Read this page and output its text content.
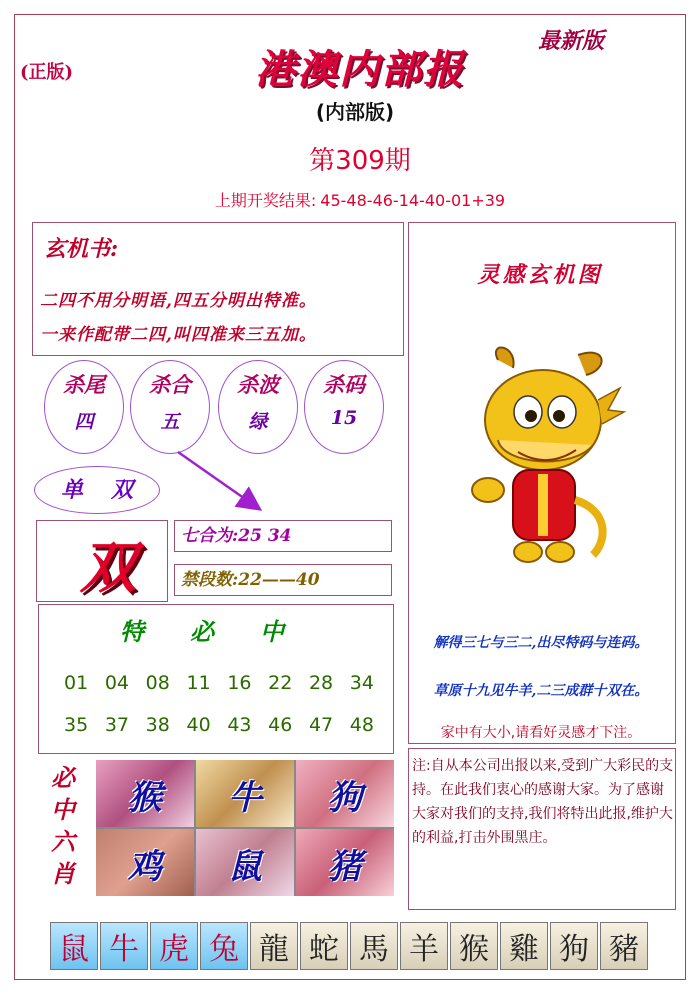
(正版)
最新版
港澳内部报
(内部版)
第309期
上期开奖结果: 45-48-46-14-40-01+39
玄机书:
二四不用分明语,四五分明出特准。
一来作配带二四,叫四准来三五加。
杀尾
四
杀合
五
杀波
绿
杀码
15
单双
双	七合为:25 34
禁段数:22——40
特必中
01 04 08 11 16 22 28 34
35 37 38 40 43 46 47 48
灵感玄机图
解得三七与三二,出尽特码与连码。
草原十九见牛羊,二三成群十双在。
家中有大小,请看好灵感才下注。
注:自从本公司出报以来,受到广大彩民的支持。在此我们衷心的感谢大家。为了感谢大家对我们的支持,我们将特出此报,维护大的利益,打击外围黑庄。
必
中
六
肖
猴	牛	狗
鸡	鼠	猪
鼠 牛 虎 兔 龍 蛇 馬 羊 猴 雞 狗 豬
